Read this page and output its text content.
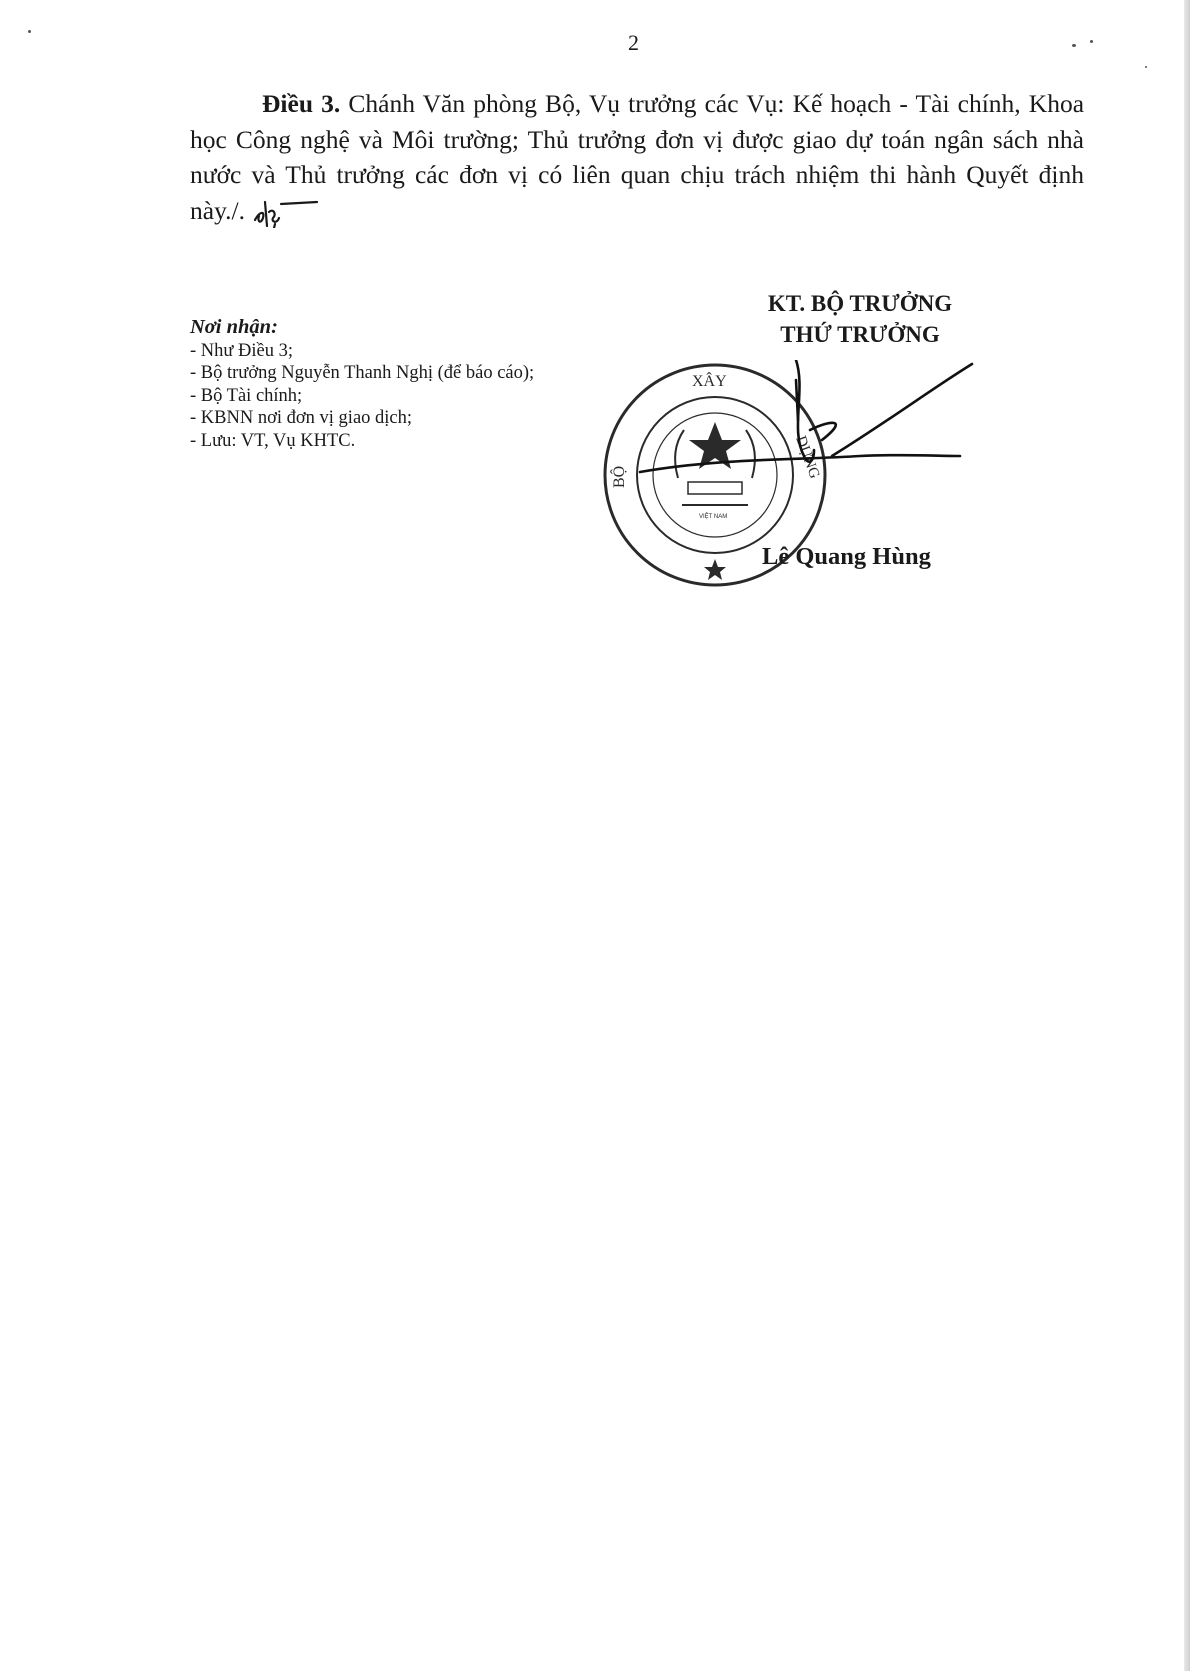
2
Điều 3. Chánh Văn phòng Bộ, Vụ trưởng các Vụ: Kế hoạch - Tài chính, Khoa học Công nghệ và Môi trường; Thủ trưởng đơn vị được giao dự toán ngân sách nhà nước và Thủ trưởng các đơn vị có liên quan chịu trách nhiệm thi hành Quyết định này./.
Nơi nhận:
- Như Điều 3;
- Bộ trưởng Nguyễn Thanh Nghị (để báo cáo);
- Bộ Tài chính;
- KBNN nơi đơn vị giao dịch;
- Lưu: VT, Vụ KHTC.
KT. BỘ TRƯỞNG
THỨ TRƯỞNG
XÂY
BỘ	DỰNG
VIỆT NAM
Lê Quang Hùng
